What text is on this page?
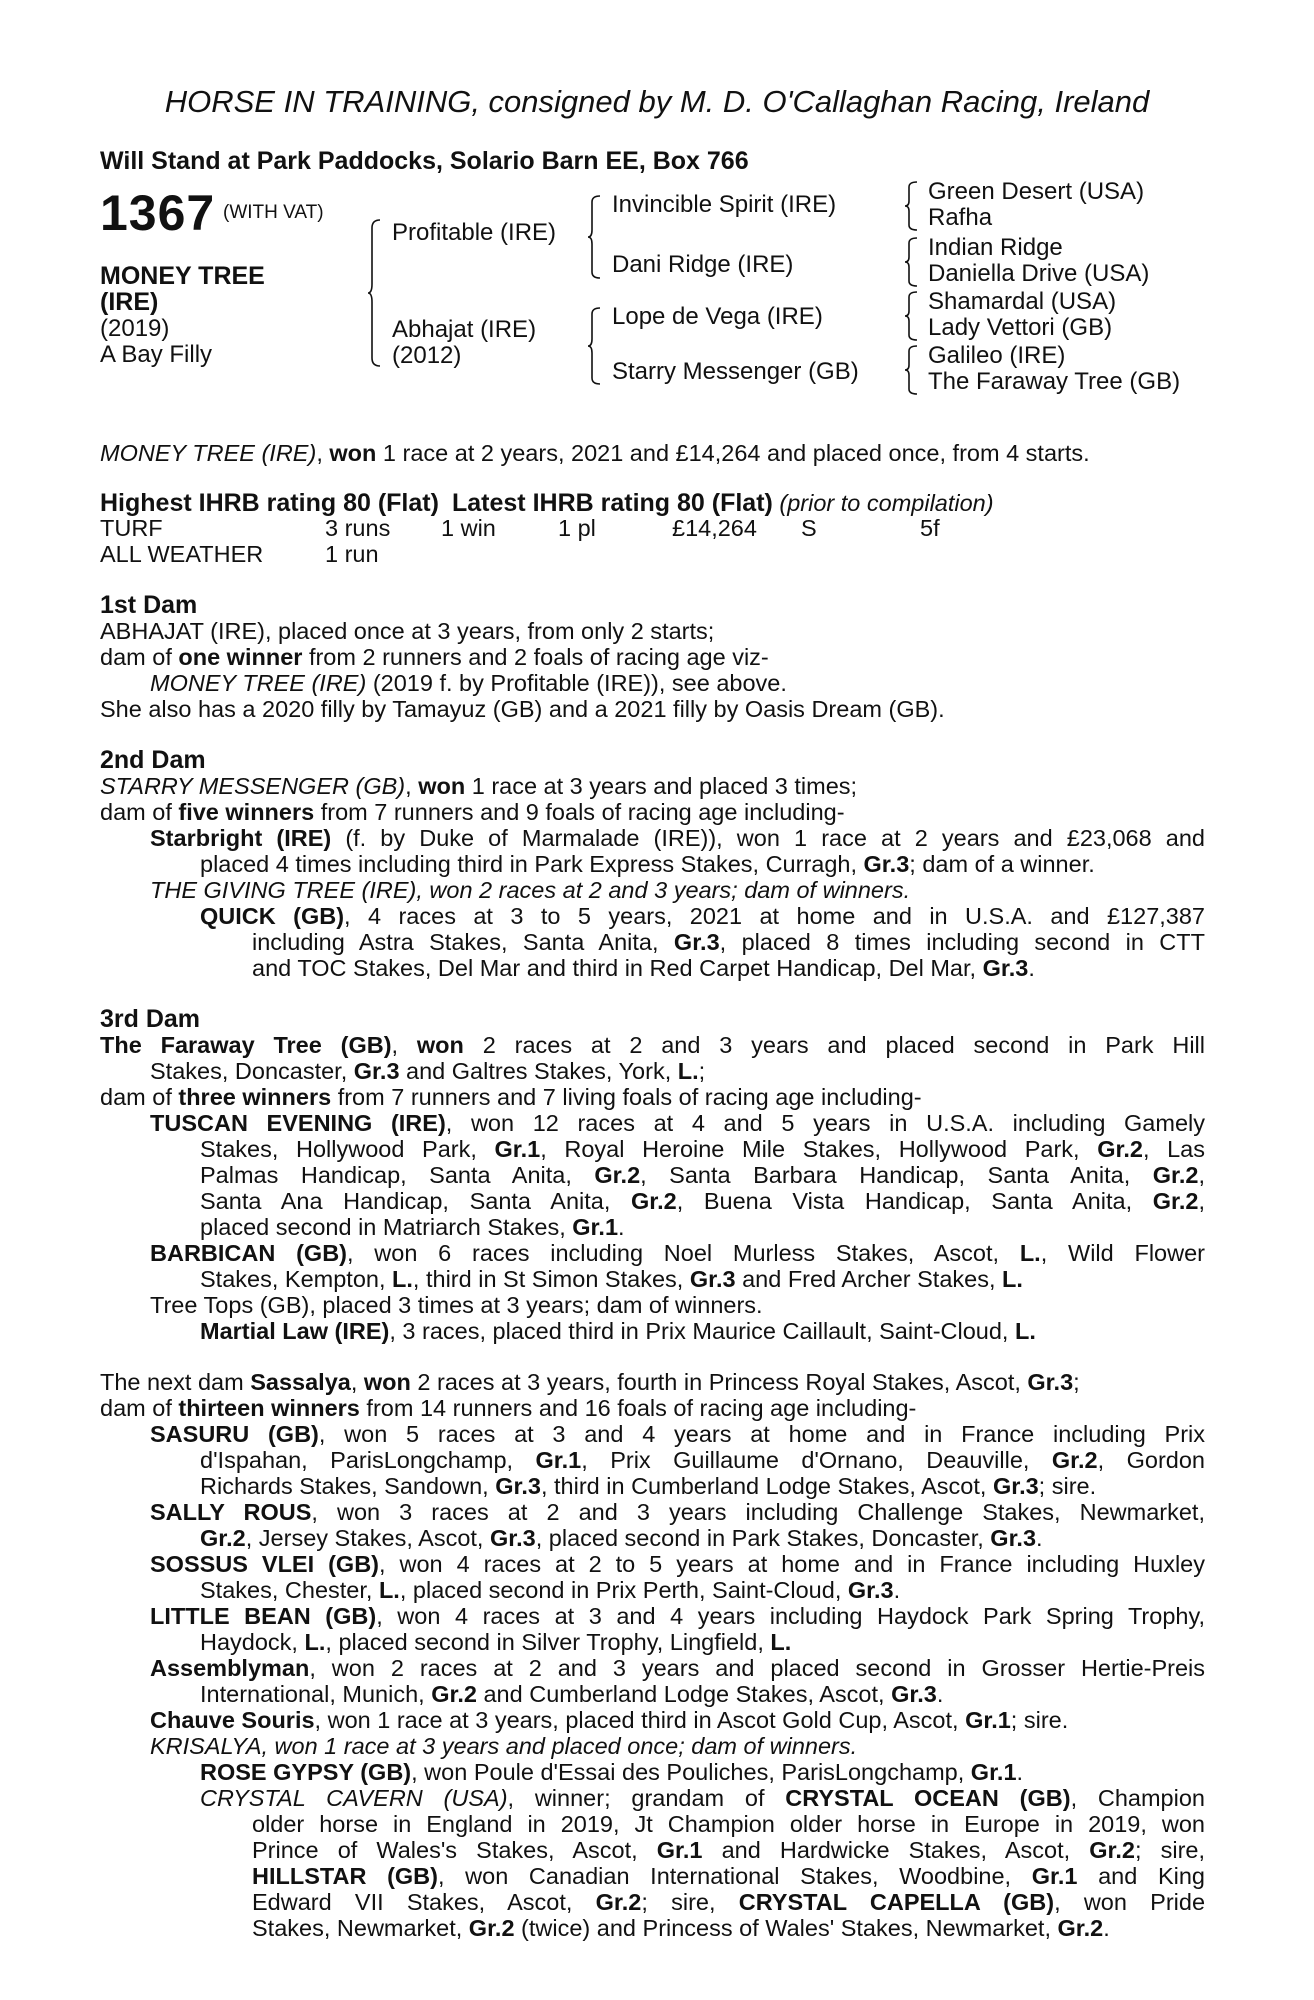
HORSE IN TRAINING, consigned by M. D. O'Callaghan Racing, Ireland
Will Stand at Park Paddocks, Solario Barn EE, Box 766
1367 (WITH VAT)
MONEY TREE
(IRE)
(2019)
A Bay Filly
Profitable (IRE)
Abhajat (IRE)
(2012)
Invincible Spirit (IRE)
Dani Ridge (IRE)
Lope de Vega (IRE)
Starry Messenger (GB)
Green Desert (USA)
Rafha
Indian Ridge
Daniella Drive (USA)
Shamardal (USA)
Lady Vettori (GB)
Galileo (IRE)
The Faraway Tree (GB)
MONEY TREE (IRE), won 1 race at 2 years, 2021 and £14,264 and placed once, from 4 starts.
Highest IHRB rating 80 (Flat) Latest IHRB rating 80 (Flat) (prior to compilation)
TURF	3 runs 1 win	1 pl	£14,264 S	5f
ALL WEATHER	1 run
1st Dam
ABHAJAT (IRE), placed once at 3 years, from only 2 starts;
dam of one winner from 2 runners and 2 foals of racing age viz-
MONEY TREE (IRE) (2019 f. by Profitable (IRE)), see above.
She also has a 2020 filly by Tamayuz (GB) and a 2021 filly by Oasis Dream (GB).
2nd Dam
STARRY MESSENGER (GB), won 1 race at 3 years and placed 3 times;
dam of five winners from 7 runners and 9 foals of racing age including-
Starbright (IRE) (f. by Duke of Marmalade (IRE)), won 1 race at 2 years and £23,068 and
placed 4 times including third in Park Express Stakes, Curragh, Gr.3; dam of a winner.
THE GIVING TREE (IRE), won 2 races at 2 and 3 years; dam of winners.
QUICK (GB), 4 races at 3 to 5 years, 2021 at home and in U.S.A. and £127,387
including Astra Stakes, Santa Anita, Gr.3, placed 8 times including second in CTT
and TOC Stakes, Del Mar and third in Red Carpet Handicap, Del Mar, Gr.3.
3rd Dam
The Faraway Tree (GB), won 2 races at 2 and 3 years and placed second in Park Hill
Stakes, Doncaster, Gr.3 and Galtres Stakes, York, L.;
dam of three winners from 7 runners and 7 living foals of racing age including-
TUSCAN EVENING (IRE), won 12 races at 4 and 5 years in U.S.A. including Gamely
Stakes, Hollywood Park, Gr.1, Royal Heroine Mile Stakes, Hollywood Park, Gr.2, Las
Palmas Handicap, Santa Anita, Gr.2, Santa Barbara Handicap, Santa Anita, Gr.2,
Santa Ana Handicap, Santa Anita, Gr.2, Buena Vista Handicap, Santa Anita, Gr.2,
placed second in Matriarch Stakes, Gr.1.
BARBICAN (GB), won 6 races including Noel Murless Stakes, Ascot, L., Wild Flower
Stakes, Kempton, L., third in St Simon Stakes, Gr.3 and Fred Archer Stakes, L.
Tree Tops (GB), placed 3 times at 3 years; dam of winners.
Martial Law (IRE), 3 races, placed third in Prix Maurice Caillault, Saint-Cloud, L.
The next dam Sassalya, won 2 races at 3 years, fourth in Princess Royal Stakes, Ascot, Gr.3;
dam of thirteen winners from 14 runners and 16 foals of racing age including-
SASURU (GB), won 5 races at 3 and 4 years at home and in France including Prix
d'Ispahan, ParisLongchamp, Gr.1, Prix Guillaume d'Ornano, Deauville, Gr.2, Gordon
Richards Stakes, Sandown, Gr.3, third in Cumberland Lodge Stakes, Ascot, Gr.3; sire.
SALLY ROUS, won 3 races at 2 and 3 years including Challenge Stakes, Newmarket,
Gr.2, Jersey Stakes, Ascot, Gr.3, placed second in Park Stakes, Doncaster, Gr.3.
SOSSUS VLEI (GB), won 4 races at 2 to 5 years at home and in France including Huxley
Stakes, Chester, L., placed second in Prix Perth, Saint-Cloud, Gr.3.
LITTLE BEAN (GB), won 4 races at 3 and 4 years including Haydock Park Spring Trophy,
Haydock, L., placed second in Silver Trophy, Lingfield, L.
Assemblyman, won 2 races at 2 and 3 years and placed second in Grosser Hertie-Preis
International, Munich, Gr.2 and Cumberland Lodge Stakes, Ascot, Gr.3.
Chauve Souris, won 1 race at 3 years, placed third in Ascot Gold Cup, Ascot, Gr.1; sire.
KRISALYA, won 1 race at 3 years and placed once; dam of winners.
ROSE GYPSY (GB), won Poule d'Essai des Pouliches, ParisLongchamp, Gr.1.
CRYSTAL CAVERN (USA), winner; grandam of CRYSTAL OCEAN (GB), Champion
older horse in England in 2019, Jt Champion older horse in Europe in 2019, won
Prince of Wales's Stakes, Ascot, Gr.1 and Hardwicke Stakes, Ascot, Gr.2; sire,
HILLSTAR (GB), won Canadian International Stakes, Woodbine, Gr.1 and King
Edward VII Stakes, Ascot, Gr.2; sire, CRYSTAL CAPELLA (GB), won Pride
Stakes, Newmarket, Gr.2 (twice) and Princess of Wales' Stakes, Newmarket, Gr.2.
